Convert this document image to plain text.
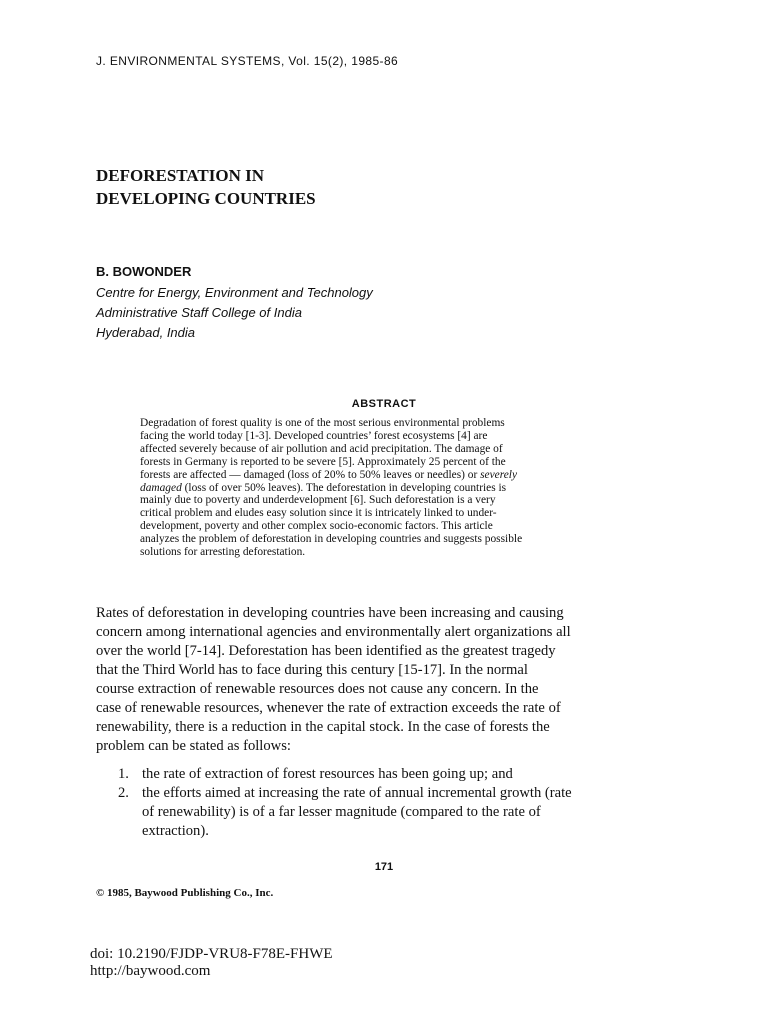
J. ENVIRONMENTAL SYSTEMS, Vol. 15(2), 1985-86
DEFORESTATION IN
DEVELOPING COUNTRIES
B. BOWONDER
Centre for Energy, Environment and Technology
Administrative Staff College of India
Hyderabad, India
ABSTRACT
Degradation of forest quality is one of the most serious environmental problems
facing the world today [1-3]. Developed countries’ forest ecosystems [4] are
affected severely because of air pollution and acid precipitation. The damage of
forests in Germany is reported to be severe [5]. Approximately 25 percent of the
forests are affected — damaged (loss of 20% to 50% leaves or needles) or severely
damaged (loss of over 50% leaves). The deforestation in developing countries is
mainly due to poverty and underdevelopment [6]. Such deforestation is a very
critical problem and eludes easy solution since it is intricately linked to under-
development, poverty and other complex socio-economic factors. This article
analyzes the problem of deforestation in developing countries and suggests possible
solutions for arresting deforestation.
Rates of deforestation in developing countries have been increasing and causing
concern among international agencies and environmentally alert organizations all
over the world [7-14]. Deforestation has been identified as the greatest tragedy
that the Third World has to face during this century [15-17]. In the normal
course extraction of renewable resources does not cause any concern. In the
case of renewable resources, whenever the rate of extraction exceeds the rate of
renewability, there is a reduction in the capital stock. In the case of forests the
problem can be stated as follows:
1. the rate of extraction of forest resources has been going up; and
2. the efforts aimed at increasing the rate of annual incremental growth (rate
of renewability) is of a far lesser magnitude (compared to the rate of
extraction).
171
© 1985, Baywood Publishing Co., Inc.
doi: 10.2190/FJDP-VRU8-F78E-FHWE
http://baywood.com
